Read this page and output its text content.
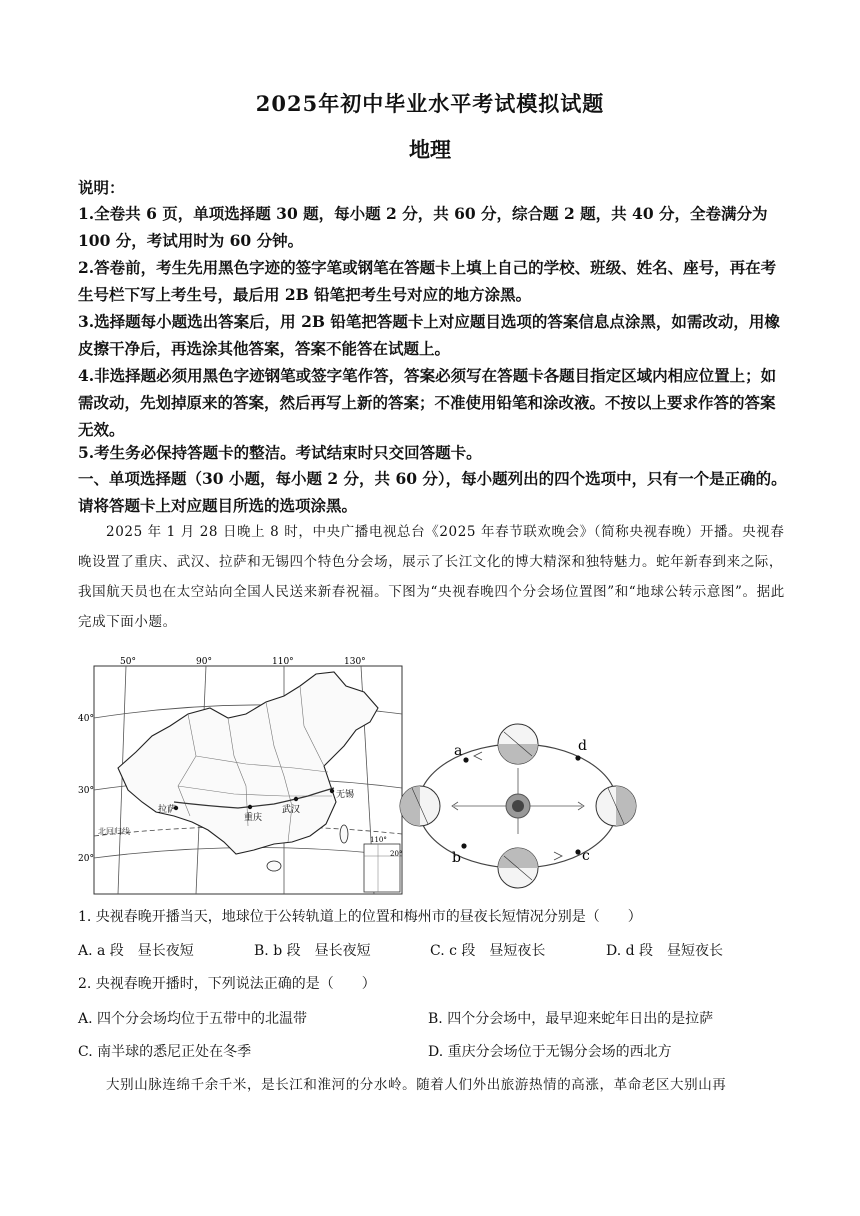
2025年初中毕业水平考试模拟试题
地理
说明：
1.全卷共 6 页，单项选择题 30 题，每小题 2 分，共 60 分，综合题 2 题，共 40 分，全卷满分为 100 分，考试用时为 60 分钟。
2.答卷前，考生先用黑色字迹的签字笔或钢笔在答题卡上填上自己的学校、班级、姓名、座号，再在考生号栏下写上考生号，最后用 2B 铅笔把考生号对应的地方涂黑。
3.选择题每小题选出答案后，用 2B 铅笔把答题卡上对应题目选项的答案信息点涂黑，如需改动，用橡皮擦干净后，再选涂其他答案，答案不能答在试题上。
4.非选择题必须用黑色字迹钢笔或签字笔作答，答案必须写在答题卡各题目指定区域内相应位置上；如需改动，先划掉原来的答案，然后再写上新的答案；不准使用铅笔和涂改液。不按以上要求作答的答案无效。
5.考生务必保持答题卡的整洁。考试结束时只交回答题卡。
一、单项选择题（30 小题，每小题 2 分，共 60 分），每小题列出的四个选项中，只有一个是正确的。请将答题卡上对应题目所选的选项涂黑。
2025 年 1 月 28 日晚上 8 时，中央广播电视总台《2025 年春节联欢晚会》（简称央视春晚）开播。央视春晚设置了重庆、武汉、拉萨和无锡四个特色分会场，展示了长江文化的博大精深和独特魅力。蛇年新春到来之际，我国航天员也在太空站向全国人民送来新春祝福。下图为“央视春晚四个分会场位置图”和“地球公转示意图”。据此完成下面小题。
50°	90°	110°	130°
40°
30°
20°
北回归线
110°
20°
拉萨
重庆
武汉
无锡
a
b	c
d
1. 央视春晚开播当天，地球位于公转轨道上的位置和梅州市的昼夜长短情况分别是（　　）
A. a 段　昼长夜短	B. b 段　昼长夜短	C. c 段　昼短夜长	D. d 段　昼短夜长
2. 央视春晚开播时，下列说法正确的是（　　）
A. 四个分会场均位于五带中的北温带	B. 四个分会场中，最早迎来蛇年日出的是拉萨
C. 南半球的悉尼正处在冬季	D. 重庆分会场位于无锡分会场的西北方
大别山脉连绵千余千米，是长江和淮河的分水岭。随着人们外出旅游热情的高涨，革命老区大别山再
